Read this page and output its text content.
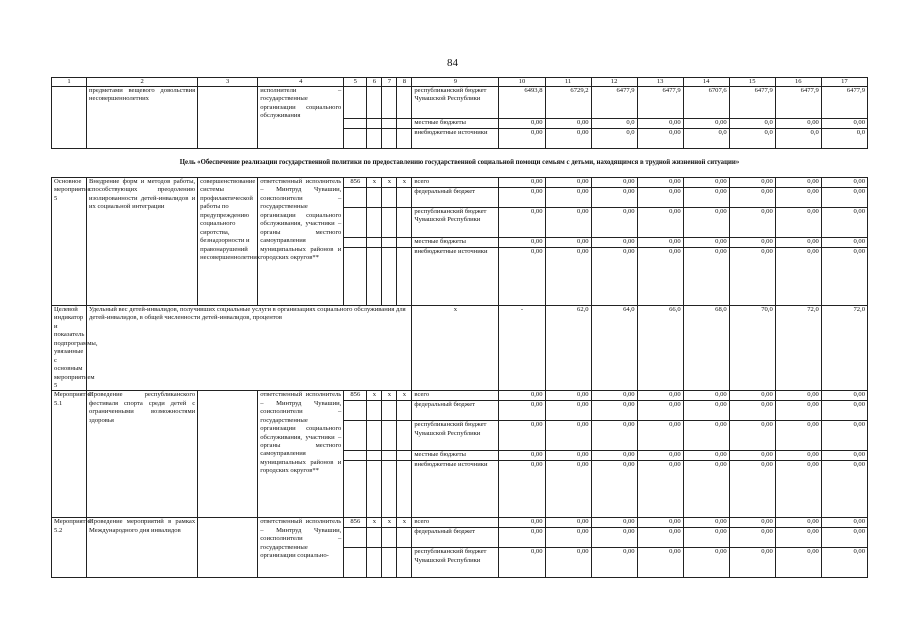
84
1	2	3	4	5	6	7	8	9	10	11	12	13	14	15	16	17
	предметами вещевого довольствия несовершеннолетних		исполнители – государственные организации социального обслуживания					республиканский бюджет Чувашской Республики	6493,8	6729,2	6477,9	6477,9	6707,6	6477,9	6477,9	6477,9
								местные бюджеты	0,00	0,00	0,0	0,00	0,00	0,0	0,00	0,00
								внебюджетные источники	0,00	0,00	0,0	0,00	0,0	0,0	0,0	0,0
Цель «Обеспечение реализации государственной политики по предоставлению государственной социальной помощи семьям с детьми, находящимся в трудной жизненной ситуации»																
Основное мероприятие 5	Внедрение форм и методов работы, способствующих преодолению изолированности детей-инвалидов и их социальной интеграции	совершенствование системы профилактической работы по предупреждению социального сиротства, безнадзорности и правонарушений несовершеннолетних	ответственный исполнитель – Минтруд Чувашии, соисполнители – государственные организации социального обслуживания, участники – органы местного самоуправления муниципальных районов и городских округов**	856	х	х	х	всего	0,00	0,00	0,00	0,00	0,00	0,00	0,00	0,00
								федеральный бюджет	0,00	0,00	0,00	0,00	0,00	0,00	0,00	0,00
								республиканский бюджет Чувашской Республики	0,00	0,00	0,00	0,00	0,00	0,00	0,00	0,00
								местные бюджеты	0,00	0,00	0,00	0,00	0,00	0,00	0,00	0,00
								внебюджетные источники	0,00	0,00	0,00	0,00	0,00	0,00	0,00	0,00
Целевой индикатор и показатель подпрограммы, увязанные с основным мероприятием 5	Удельный вес детей-инвалидов, получивших социальные услуги в организациях социального обслуживания для детей-инвалидов, в общей численности детей-инвалидов, процентов							х	-	62,0	64,0	66,0	68,0	70,0	72,0	72,0
Мероприятие 5.1	Проведение республиканского фестиваля спорта среди детей с ограниченными возможностями здоровья		ответственный исполнитель – Минтруд Чувашии, соисполнители – государственные организации социального обслуживания, участники – органы местного самоуправления муниципальных районов и городских округов**	856	х	х	х	всего	0,00	0,00	0,00	0,00	0,00	0,00	0,00	0,00
								федеральный бюджет	0,00	0,00	0,00	0,00	0,00	0,00	0,00	0,00
								республиканский бюджет Чувашской Республики	0,00	0,00	0,00	0,00	0,00	0,00	0,00	0,00
								местные бюджеты	0,00	0,00	0,00	0,00	0,00	0,00	0,00	0,00
								внебюджетные источники	0,00	0,00	0,00	0,00	0,00	0,00	0,00	0,00
Мероприятие 5.2	Проведение мероприятий в рамках Международного дня инвалидов		ответственный исполнитель – Минтруд Чувашии, соисполнители – государственные организации социально-	856	х	х	х	всего	0,00	0,00	0,00	0,00	0,00	0,00	0,00	0,00
								федеральный бюджет	0,00	0,00	0,00	0,00	0,00	0,00	0,00	0,00
								республиканский бюджет Чувашской Республики	0,00	0,00	0,00	0,00	0,00	0,00	0,00	0,00
